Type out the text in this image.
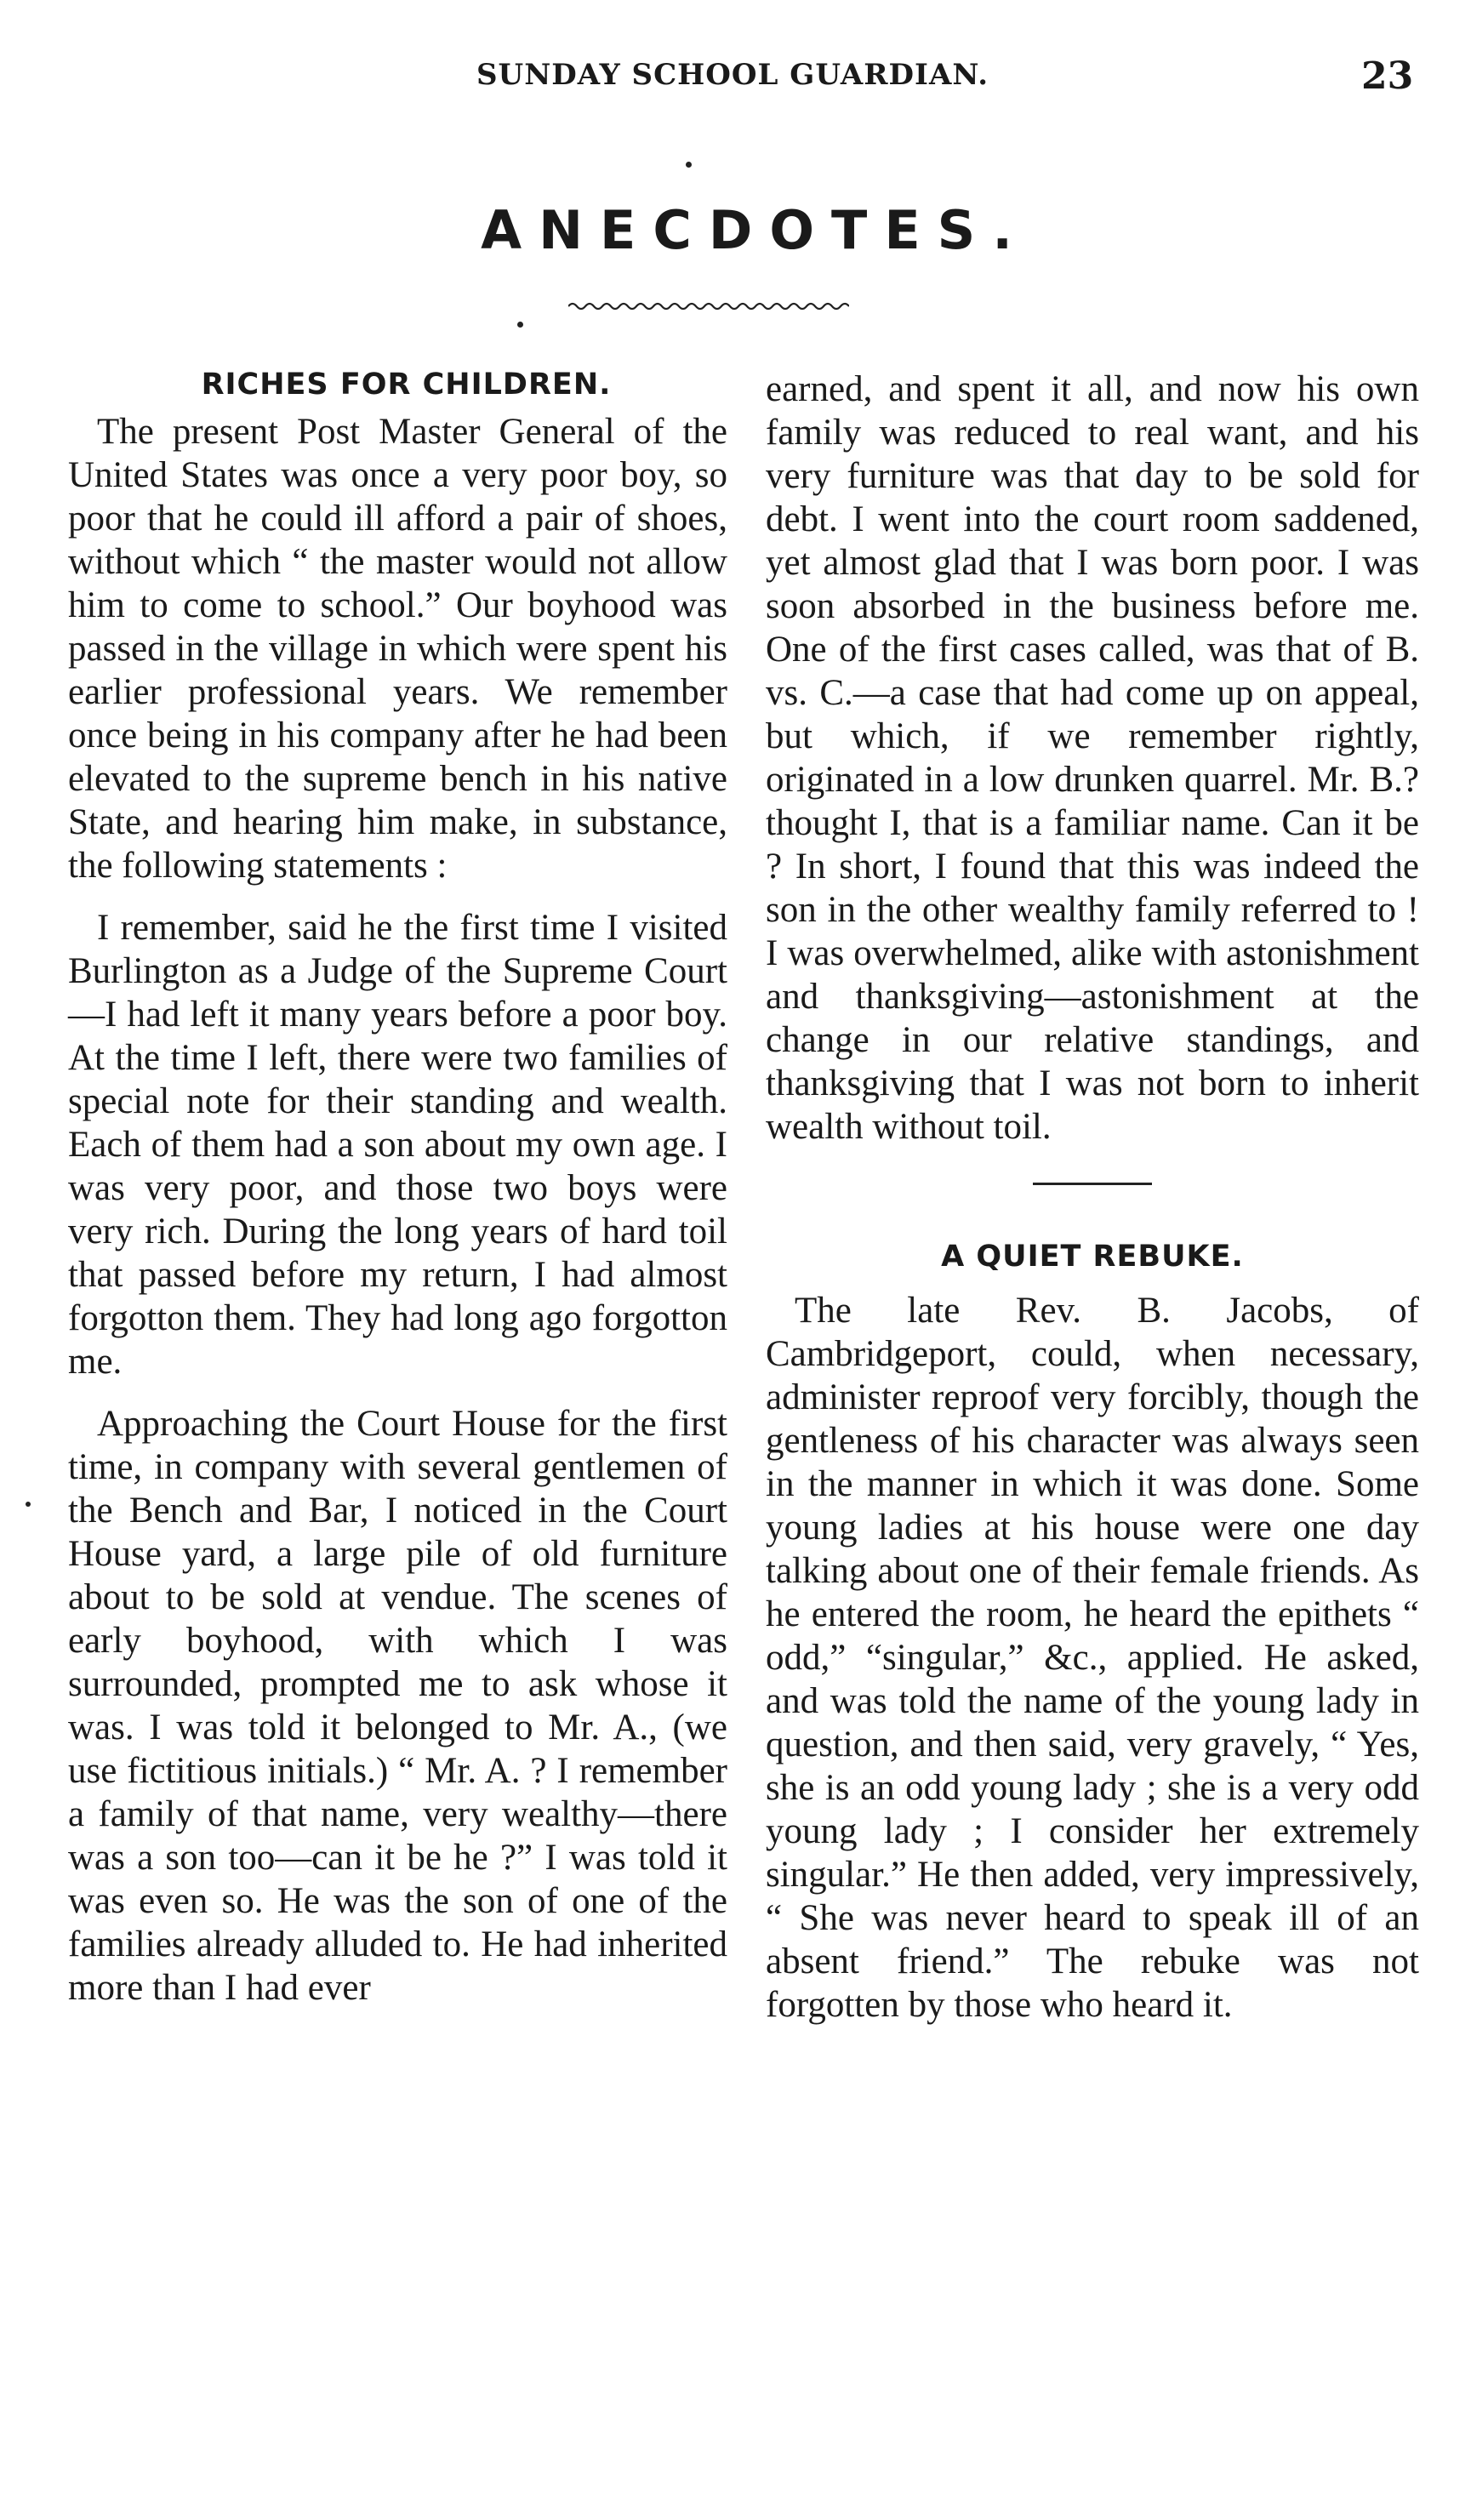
SUNDAY SCHOOL GUARDIAN.	23
ANECDOTES.
RICHES FOR CHILDREN.

The present Post Master General of the United States was once a very poor boy, so poor that he could ill afford a pair of shoes, without which “ the master would not allow him to come to school.” Our boyhood was passed in the village in which were spent his earlier professional years. We remember once being in his company after he had been elevated to the supreme bench in his native State, and hearing him make, in substance, the following statements :

I remember, said he the first time I visited Burlington as a Judge of the Supreme Court—I had left it many years before a poor boy. At the time I left, there were two families of special note for their standing and wealth. Each of them had a son about my own age. I was very poor, and those two boys were very rich. During the long years of hard toil that passed before my return, I had almost forgotton them. They had long ago forgotton me.

Approaching the Court House for the first time, in company with several gentlemen of the Bench and Bar, I noticed in the Court House yard, a large pile of old furniture about to be sold at vendue. The scenes of early boyhood, with which I was surrounded, prompted me to ask whose it was. I was told it belonged to Mr. A., (we use fictitious initials.) “ Mr. A. ? I remember a family of that name, very wealthy—there was a son too—can it be he ?” I was told it was even so. He was the son of one of the families already alluded to. He had inherited more than I had ever

earned, and spent it all, and now his own family was reduced to real want, and his very furniture was that day to be sold for debt. I went into the court room saddened, yet almost glad that I was born poor. I was soon absorbed in the business before me. One of the first cases called, was that of B. vs. C.—a case that had come up on appeal, but which, if we remember rightly, originated in a low drunken quarrel. Mr. B.? thought I, that is a familiar name. Can it be ? In short, I found that this was indeed the son in the other wealthy family referred to ! I was overwhelmed, alike with astonishment and thanksgiving—astonishment at the change in our relative standings, and thanksgiving that I was not born to inherit wealth without toil.

A QUIET REBUKE.

The late Rev. B. Jacobs, of Cambridgeport, could, when necessary, administer reproof very forcibly, though the gentleness of his character was always seen in the manner in which it was done. Some young ladies at his house were one day talking about one of their female friends. As he entered the room, he heard the epithets “ odd,” “singular,” &c., applied. He asked, and was told the name of the young lady in question, and then said, very gravely, “ Yes, she is an odd young lady ; she is a very odd young lady ; I consider her extremely singular.” He then added, very impressively, “ She was never heard to speak ill of an absent friend.” The rebuke was not forgotten by those who heard it.
